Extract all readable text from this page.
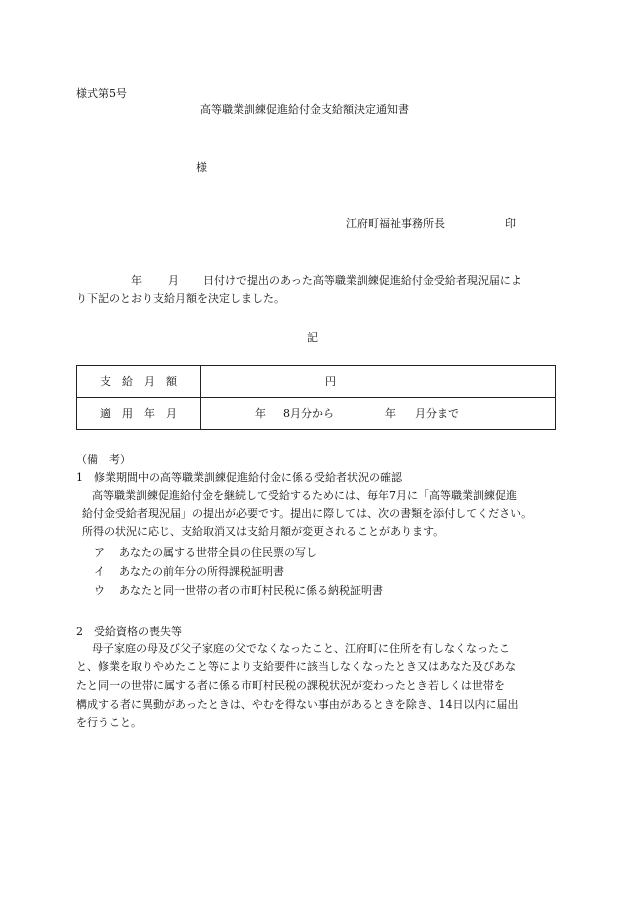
様式第5号
高等職業訓練促進給付金支給額決定通知書
様
江府町福祉事務所長	印
年 月 日付けで提出のあった高等職業訓練促進給付金受給者現況届によ
り下記のとおり支給月額を決定しました。
記
支　給　月　額	円

適　用　年　月	年 8月分から 年 月分まで
（備　考）
1　修業期間中の高等職業訓練促進給付金に係る受給者状況の確認
高等職業訓練促進給付金を継続して受給するためには、毎年7月に「高等職業訓練促進
給付金受給者現況届」の提出が必要です。提出に際しては、次の書類を添付してください。
所得の状況に応じ、支給取消又は支給月額が変更されることがあります。
ア あなたの属する世帯全員の住民票の写し
イ あなたの前年分の所得課税証明書
ウ あなたと同一世帯の者の市町村民税に係る納税証明書
2　受給資格の喪失等
母子家庭の母及び父子家庭の父でなくなったこと、江府町に住所を有しなくなったこ
と、修業を取りやめたこと等により支給要件に該当しなくなったとき又はあなた及びあな
たと同一の世帯に属する者に係る市町村民税の課税状況が変わったとき若しくは世帯を
構成する者に異動があったときは、やむを得ない事由があるときを除き、14日以内に届出
を行うこと。
